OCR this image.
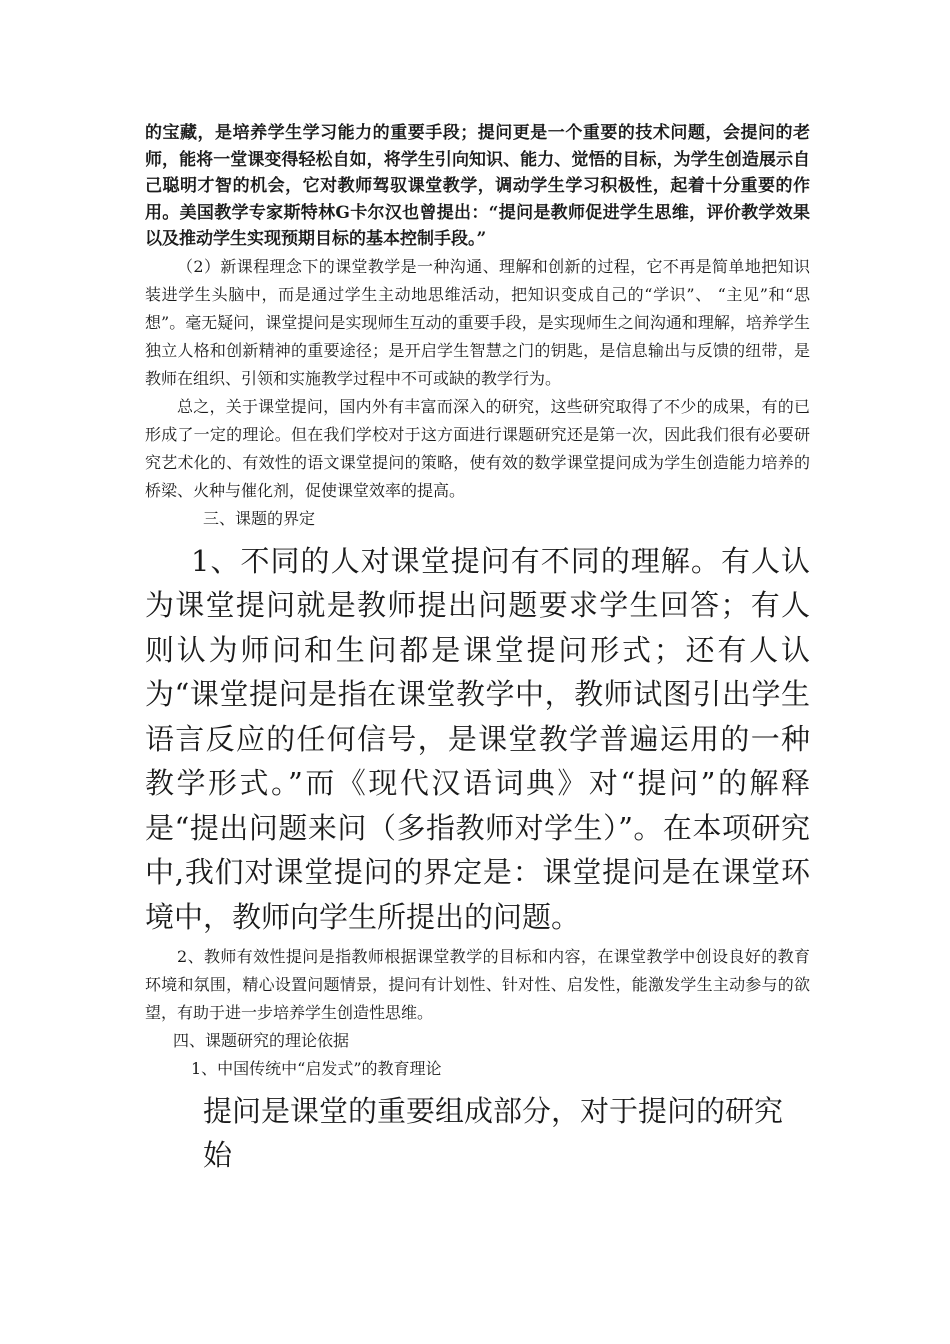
的宝藏，是培养学生学习能力的重要手段；提问更是一个重要的技术问题，会提问的老师，能将一堂课变得轻松自如，将学生引向知识、能力、觉悟的目标，为学生创造展示自己聪明才智的机会，它对教师驾驭课堂教学，调动学生学习积极性，起着十分重要的作用。美国教学专家斯特林G卡尔汉也曾提出：“提问是教师促进学生思维，评价教学效果以及推动学生实现预期目标的基本控制手段。”

（2）新课程理念下的课堂教学是一种沟通、理解和创新的过程，它不再是简单地把知识装进学生头脑中，而是通过学生主动地思维活动，把知识变成自己的“学识”、 “主见”和“思想”。毫无疑问，课堂提问是实现师生互动的重要手段，是实现师生之间沟通和理解，培养学生独立人格和创新精神的重要途径；是开启学生智慧之门的钥匙，是信息输出与反馈的纽带，是教师在组织、引领和实施教学过程中不可或缺的教学行为。

总之，关于课堂提问，国内外有丰富而深入的研究，这些研究取得了不少的成果，有的已形成了一定的理论。但在我们学校对于这方面进行课题研究还是第一次，因此我们很有必要研究艺术化的、有效性的语文课堂提问的策略，使有效的数学课堂提问成为学生创造能力培养的桥梁、火种与催化剂，促使课堂效率的提高。

三、课题的界定

1、不同的人对课堂提问有不同的理解。有人认为课堂提问就是教师提出问题要求学生回答；有人则认为师问和生问都是课堂提问形式；还有人认为“课堂提问是指在课堂教学中，教师试图引出学生语言反应的任何信号，是课堂教学普遍运用的一种教学形式。”而《现代汉语词典》对“提问”的解释是“提出问题来问（多指教师对学生）”。在本项研究中,我们对课堂提问的界定是：课堂提问是在课堂环境中，教师向学生所提出的问题。

2、教师有效性提问是指教师根据课堂教学的目标和内容，在课堂教学中创设良好的教育环境和氛围，精心设置问题情景，提问有计划性、针对性、启发性，能激发学生主动参与的欲望，有助于进一步培养学生创造性思维。

四、课题研究的理论依据

1、中国传统中“启发式”的教育理论

提问是课堂的重要组成部分，对于提问的研究始
